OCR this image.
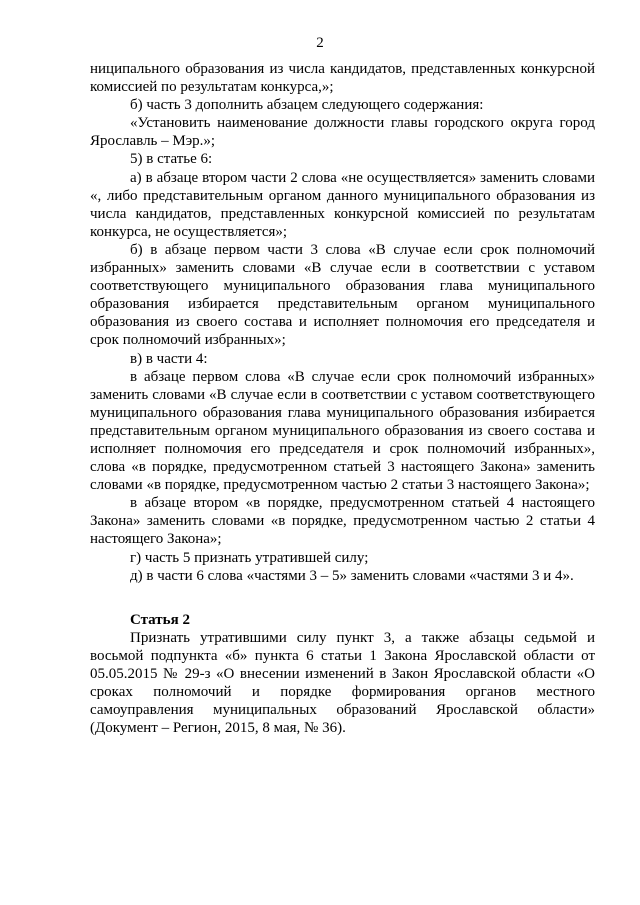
2

ниципального образования из числа кандидатов, представленных конкурсной комиссией по результатам конкурса,»;

б) часть 3 дополнить абзацем следующего содержания:

«Установить наименование должности главы городского округа город Ярославль – Мэр.»;

5) в статье 6:

а) в абзаце втором части 2 слова «не осуществляется» заменить словами «, либо представительным органом данного муниципального образования из числа кандидатов, представленных конкурсной комиссией по результатам конкурса, не осуществляется»;

б) в абзаце первом части 3 слова «В случае если срок полномочий избранных» заменить словами «В случае если в соответствии с уставом соответствующего муниципального образования глава муниципального образования избирается представительным органом муниципального образования из своего состава и исполняет полномочия его председателя и срок полномочий избранных»;

в) в части 4:

в абзаце первом слова «В случае если срок полномочий избранных» заменить словами «В случае если в соответствии с уставом соответствующего муниципального образования глава муниципального образования избирается представительным органом муниципального образования из своего состава и исполняет полномочия его председателя и срок полномочий избранных», слова «в порядке, предусмотренном статьей 3 настоящего Закона» заменить словами «в порядке, предусмотренном частью 2 статьи 3 настоящего Закона»;

в абзаце втором «в порядке, предусмотренном статьей 4 настоящего Закона» заменить словами «в порядке, предусмотренном частью 2 статьи 4 настоящего Закона»;

г) часть 5 признать утратившей силу;

д) в части 6 слова «частями 3 – 5» заменить словами «частями 3 и 4».

Статья 2

Признать утратившими силу пункт 3, а также абзацы седьмой и восьмой подпункта «б» пункта 6 статьи 1 Закона Ярославской области от 05.05.2015 № 29-з «О внесении изменений в Закон Ярославской области «О сроках полномочий и порядке формирования органов местного самоуправления муниципальных образований Ярославской области» (Документ – Регион, 2015, 8 мая, № 36).
